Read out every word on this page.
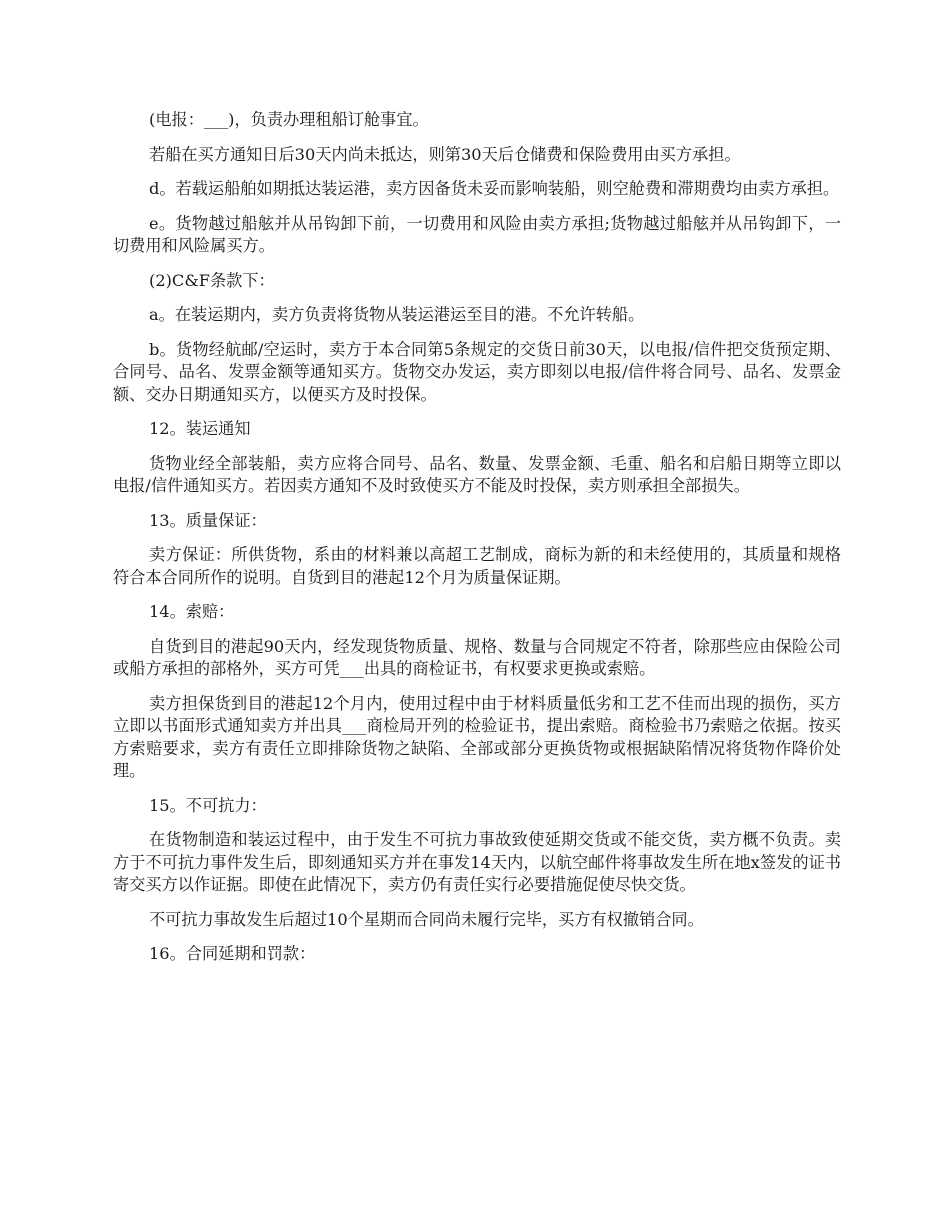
(电报：___)，负责办理租船订舱事宜。

若船在买方通知日后30天内尚未抵达，则第30天后仓储费和保险费用由买方承担。

d。若载运船舶如期抵达装运港，卖方因备货未妥而影响装船，则空舱费和滞期费均由卖方承担。

e。货物越过船舷并从吊钩卸下前，一切费用和风险由卖方承担;货物越过船舷并从吊钩卸下，一切费用和风险属买方。

(2)C&F条款下：

a。在装运期内，卖方负责将货物从装运港运至目的港。不允许转船。

b。货物经航邮/空运时，卖方于本合同第5条规定的交货日前30天，以电报/信件把交货预定期、合同号、品名、发票金额等通知买方。货物交办发运，卖方即刻以电报/信件将合同号、品名、发票金额、交办日期通知买方，以便买方及时投保。

12。装运通知

货物业经全部装船，卖方应将合同号、品名、数量、发票金额、毛重、船名和启船日期等立即以电报/信件通知买方。若因卖方通知不及时致使买方不能及时投保，卖方则承担全部损失。

13。质量保证：

卖方保证：所供货物，系由的材料兼以高超工艺制成，商标为新的和未经使用的，其质量和规格符合本合同所作的说明。自货到目的港起12个月为质量保证期。

14。索赔：

自货到目的港起90天内，经发现货物质量、规格、数量与合同规定不符者，除那些应由保险公司或船方承担的部格外，买方可凭___出具的商检证书，有权要求更换或索赔。

卖方担保货到目的港起12个月内，使用过程中由于材料质量低劣和工艺不佳而出现的损伤，买方立即以书面形式通知卖方并出具___商检局开列的检验证书，提出索赔。商检验书乃索赔之依据。按买方索赔要求，卖方有责任立即排除货物之缺陷、全部或部分更换货物或根据缺陷情况将货物作降价处理。

15。不可抗力：

在货物制造和装运过程中，由于发生不可抗力事故致使延期交货或不能交货，卖方概不负责。卖方于不可抗力事件发生后，即刻通知买方并在事发14天内，以航空邮件将事故发生所在地x签发的证书寄交买方以作证据。即使在此情况下，卖方仍有责任实行必要措施促使尽快交货。

不可抗力事故发生后超过10个星期而合同尚未履行完毕，买方有权撤销合同。

16。合同延期和罚款：
